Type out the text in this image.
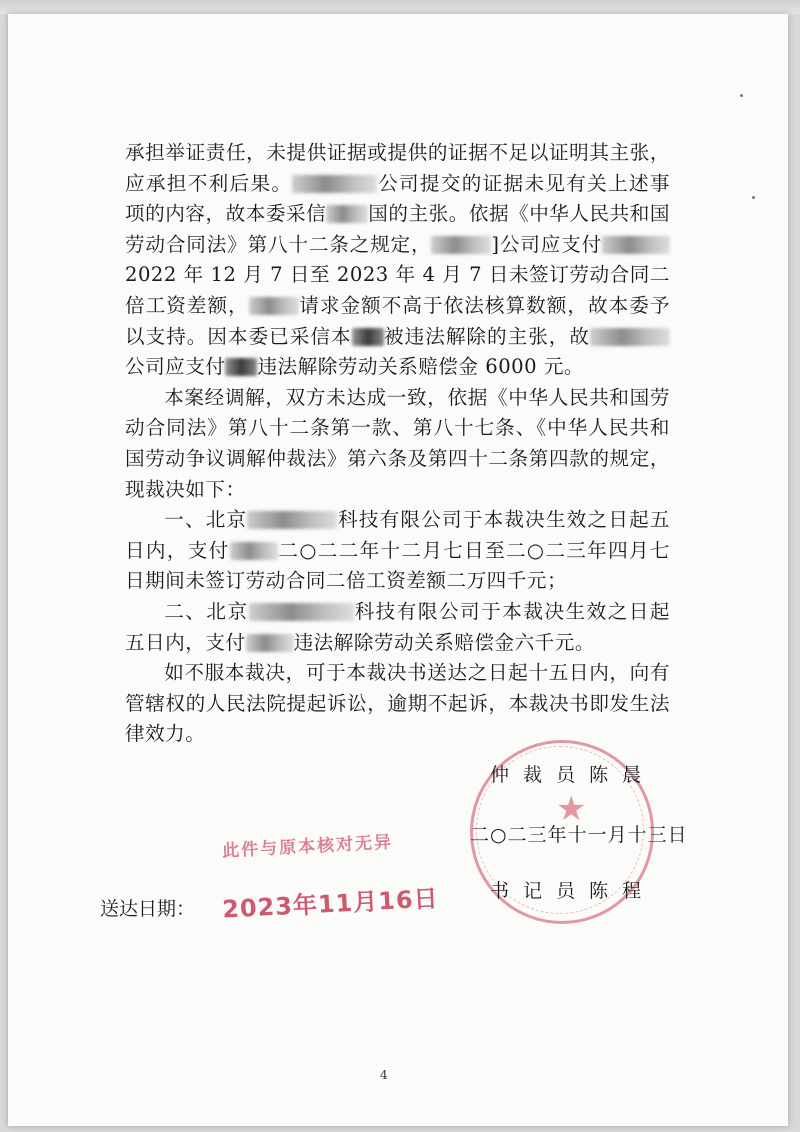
承担举证责任，未提供证据或提供的证据不足以证明其主张，应承担不利后果。	公司提交的证据未见有关上述事项的内容，故本委采信 国的主张。依据《中华人民共和国劳动合同法》第八十二条之规定，	]公司应支付2022 年 12 月 7 日至 2023 年 4 月 7 日未签订劳动合同二倍工资差额，	请求金额不高于依法核算数额，故本委予以支持。因本委已采信本 被违法解除的主张，故公司应支付 违法解除劳动关系赔偿金 6000 元。

本案经调解，双方未达成一致，依据《中华人民共和国劳动合同法》第八十二条第一款、第八十七条、《中华人民共和国劳动争议调解仲裁法》第六条及第四十二条第四款的规定，现裁决如下：

一、北京	科技有限公司于本裁决生效之日起五日内，支付 二○二二年十二月七日至二○二三年四月七日期间未签订劳动合同二倍工资差额二万四千元；

二、北京	科技有限公司于本裁决生效之日起五日内，支付 违法解除劳动关系赔偿金六千元。

如不服本裁决，可于本裁决书送达之日起十五日内，向有管辖权的人民法院提起诉讼，逾期不起诉，本裁决书即发生法律效力。

★
仲 裁 员 陈 晨
二○二三年十一月十三日
书 记 员 陈 程
此件与原本核对无异
送达日期： 2023年11月16日
4
